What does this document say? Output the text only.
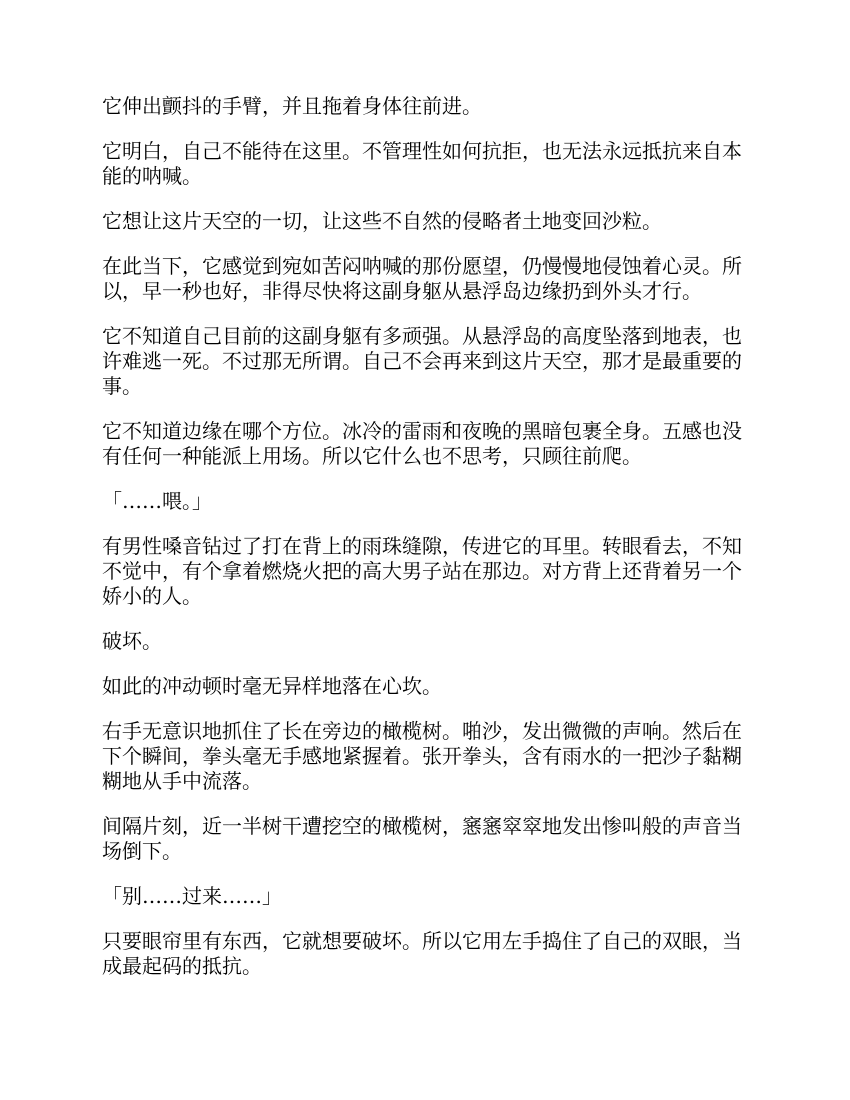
它伸出颤抖的手臂，并且拖着身体往前进。

它明白，自己不能待在这里。不管理性如何抗拒，也无法永远抵抗来自本能的呐喊。

它想让这片天空的一切，让这些不自然的侵略者土地变回沙粒。

在此当下，它感觉到宛如苦闷呐喊的那份愿望，仍慢慢地侵蚀着心灵。所以，早一秒也好，非得尽快将这副身躯从悬浮岛边缘扔到外头才行。

它不知道自己目前的这副身躯有多顽强。从悬浮岛的高度坠落到地表，也许难逃一死。不过那无所谓。自己不会再来到这片天空，那才是最重要的事。

它不知道边缘在哪个方位。冰冷的雷雨和夜晚的黑暗包裹全身。五感也没有任何一种能派上用场。所以它什么也不思考，只顾往前爬。

「……喂。」

有男性嗓音钻过了打在背上的雨珠缝隙，传进它的耳里。转眼看去，不知不觉中，有个拿着燃烧火把的高大男子站在那边。对方背上还背着另一个娇小的人。

破坏。

如此的冲动顿时毫无异样地落在心坎。

右手无意识地抓住了长在旁边的橄榄树。啪沙，发出微微的声响。然后在下个瞬间，拳头毫无手感地紧握着。张开拳头，含有雨水的一把沙子黏糊糊地从手中流落。

间隔片刻，近一半树干遭挖空的橄榄树，窸窸窣窣地发出惨叫般的声音当场倒下。

「别……过来……」

只要眼帘里有东西，它就想要破坏。所以它用左手捣住了自己的双眼，当成最起码的抵抗。
